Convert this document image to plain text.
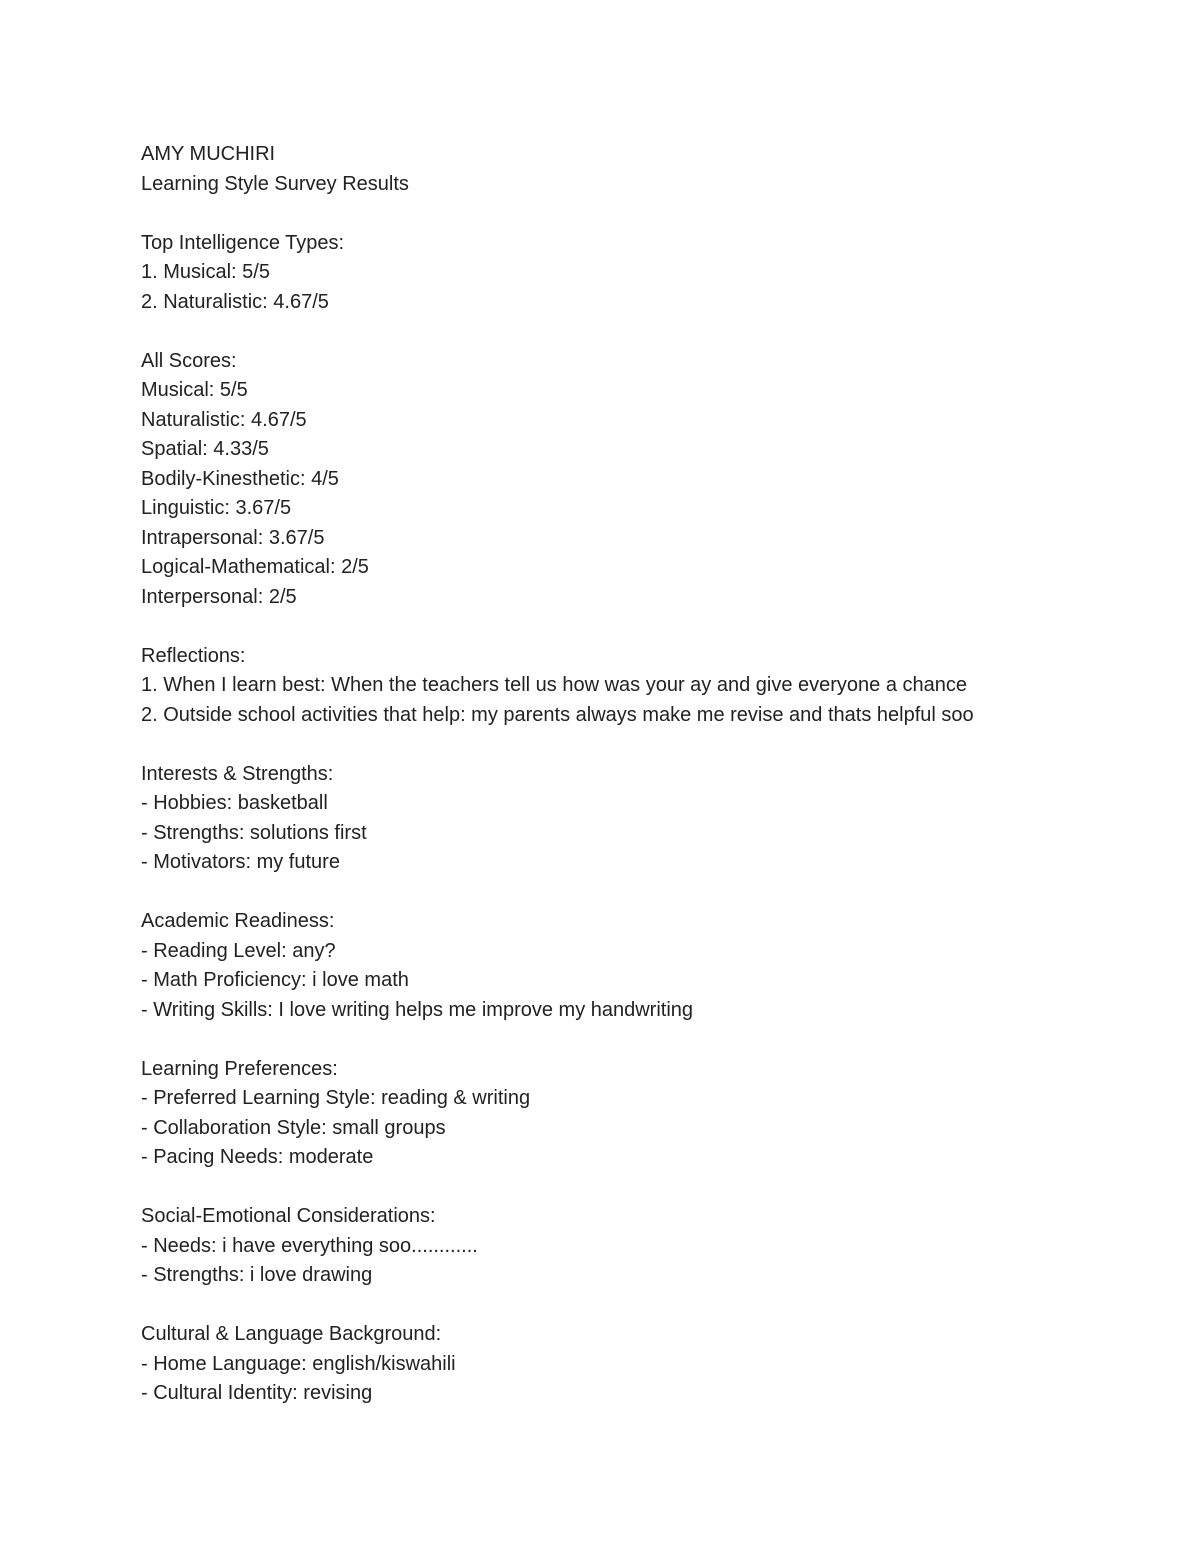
AMY MUCHIRI
Learning Style Survey Results
Top Intelligence Types:
1. Musical: 5/5
2. Naturalistic: 4.67/5
All Scores:
Musical: 5/5
Naturalistic: 4.67/5
Spatial: 4.33/5
Bodily-Kinesthetic: 4/5
Linguistic: 3.67/5
Intrapersonal: 3.67/5
Logical-Mathematical: 2/5
Interpersonal: 2/5
Reflections:
1. When I learn best: When the teachers tell us how was your ay and give everyone a chance
2. Outside school activities that help: my parents always make me revise and thats helpful soo
Interests & Strengths:
- Hobbies: basketball
- Strengths: solutions first
- Motivators: my future
Academic Readiness:
- Reading Level: any?
- Math Proficiency: i love math
- Writing Skills: I love writing helps me improve my handwriting
Learning Preferences:
- Preferred Learning Style: reading & writing
- Collaboration Style: small groups
- Pacing Needs: moderate
Social-Emotional Considerations:
- Needs: i have everything soo............
- Strengths: i love drawing
Cultural & Language Background:
- Home Language: english/kiswahili
- Cultural Identity: revising
